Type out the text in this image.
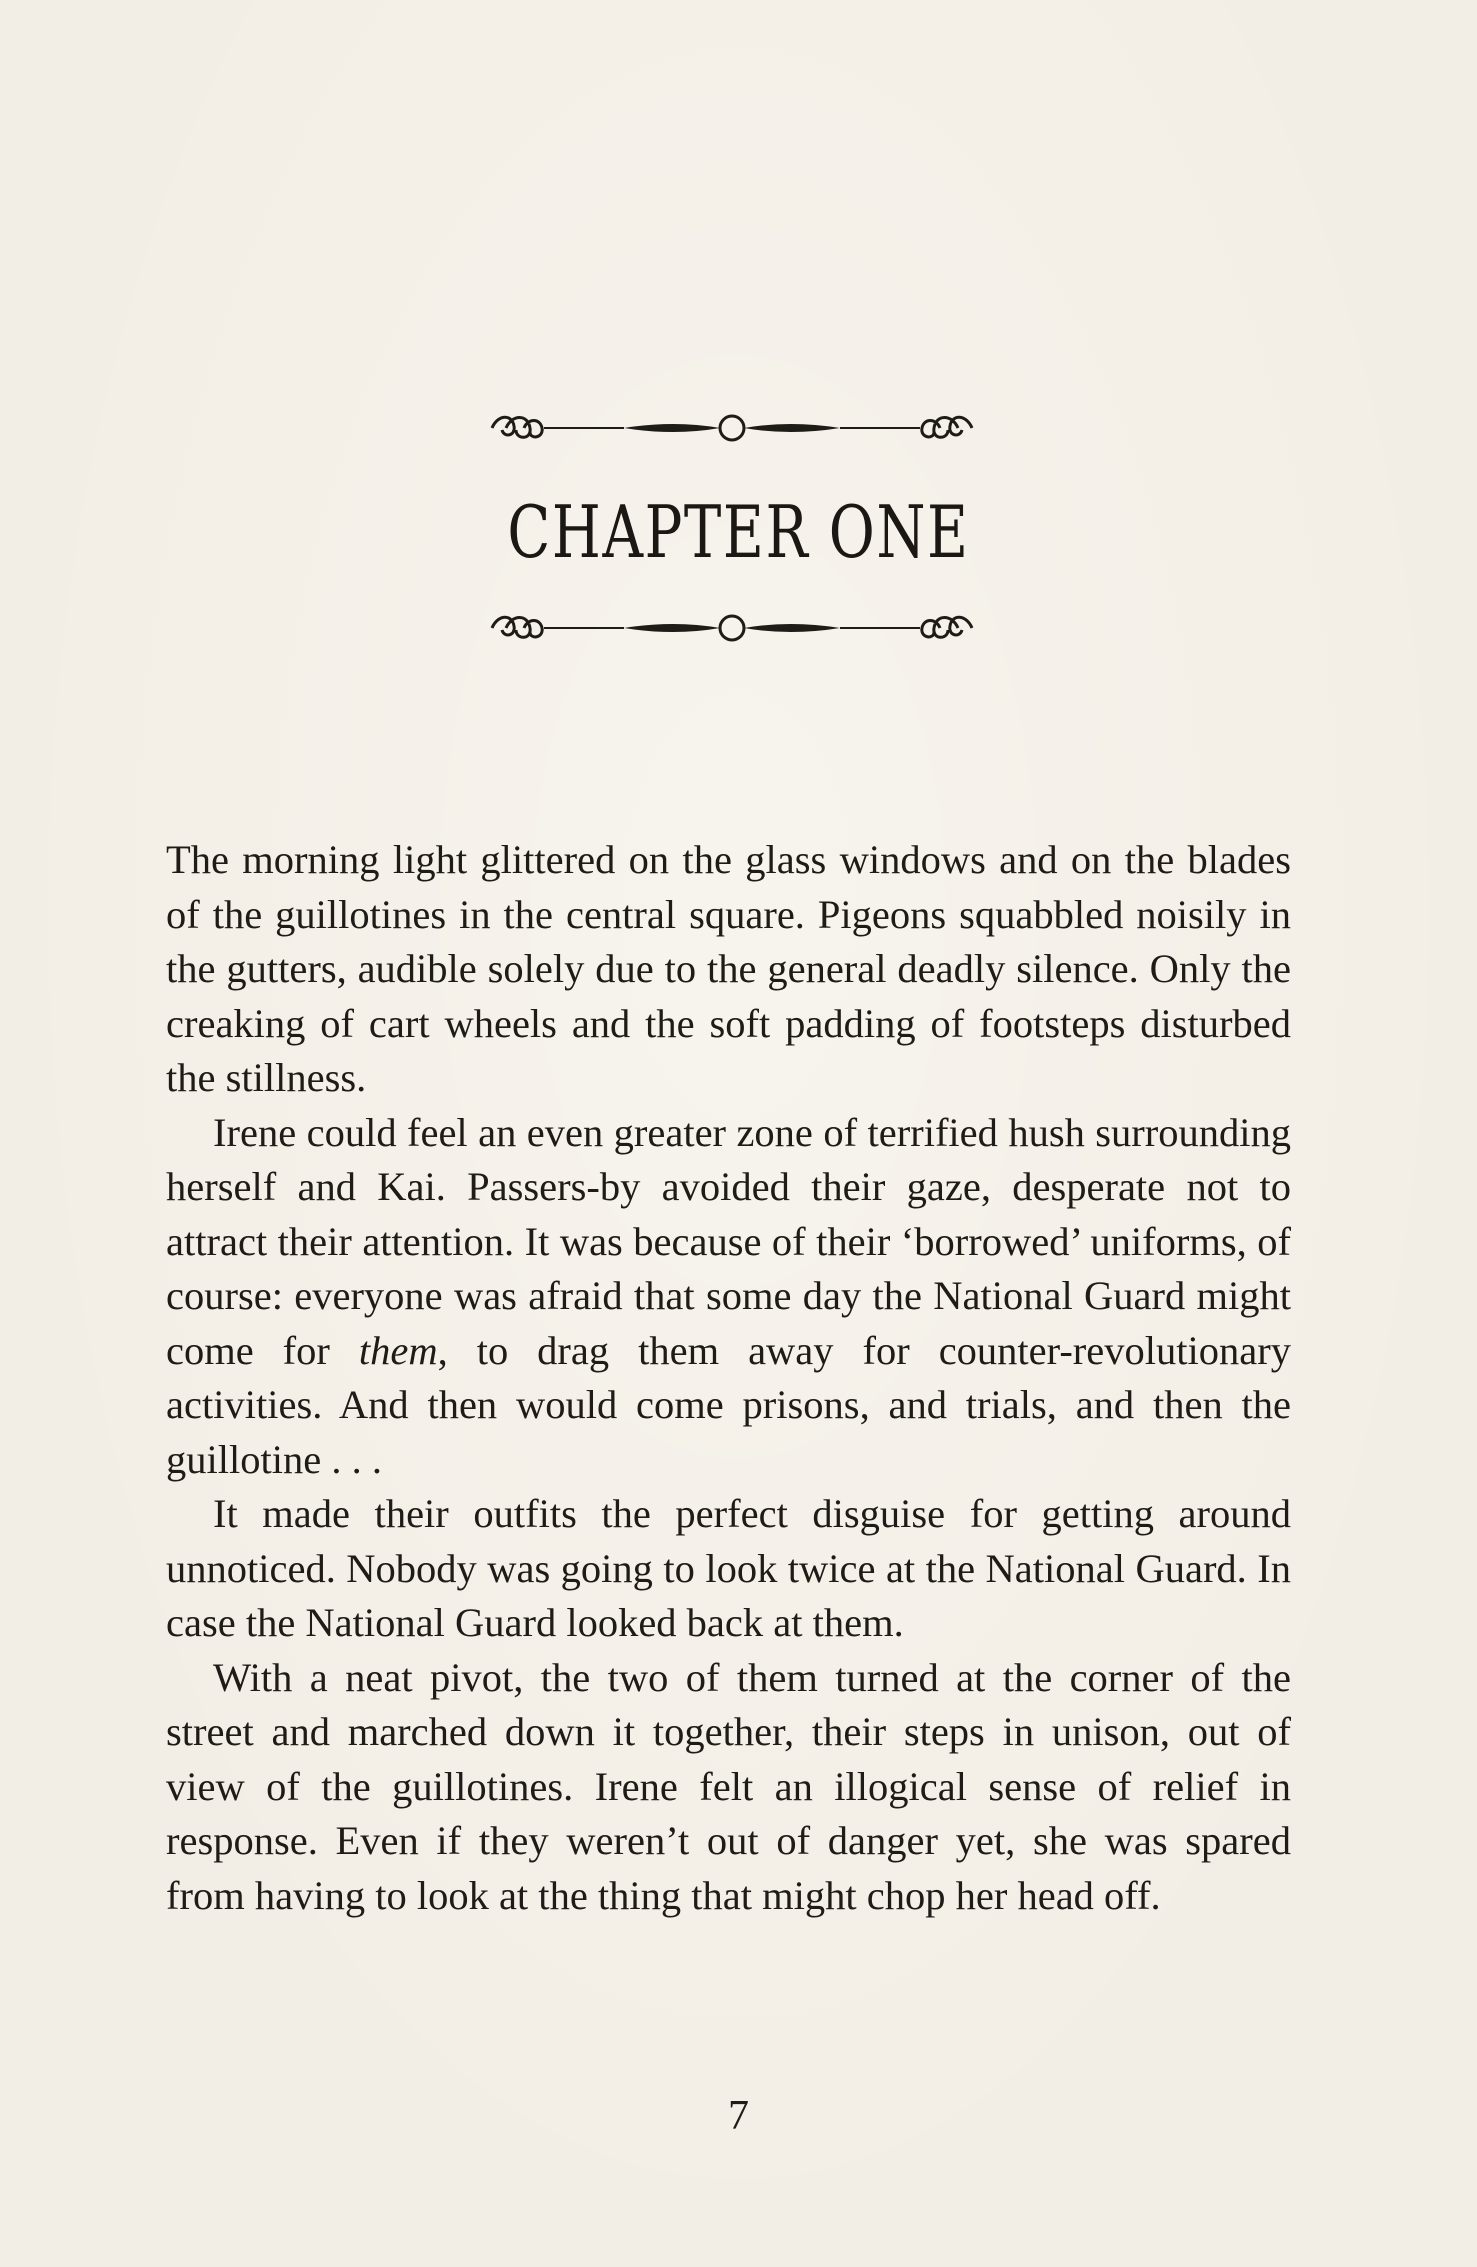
CHAPTER ONE

The morning light glittered on the glass windows and on the blades of the guillotines in the central square. Pigeons squabbled noisily in the gutters, audible solely due to the general deadly silence. Only the creaking of cart wheels and the soft padding of footsteps disturbed the stillness.

Irene could feel an even greater zone of terrified hush surrounding herself and Kai. Passers-by avoided their gaze, desperate not to attract their attention. It was because of their ‘borrowed’ uniforms, of course: everyone was afraid that some day the National Guard might come for them, to drag them away for counter-revolutionary activities. And then would come prisons, and trials, and then the guillotine . . .

It made their outfits the perfect disguise for getting around unnoticed. Nobody was going to look twice at the National Guard. In case the National Guard looked back at them.

With a neat pivot, the two of them turned at the corner of the street and marched down it together, their steps in unison, out of view of the guillotines. Irene felt an illogical sense of relief in response. Even if they weren’t out of danger yet, she was spared from having to look at the thing that might chop her head off.

7
